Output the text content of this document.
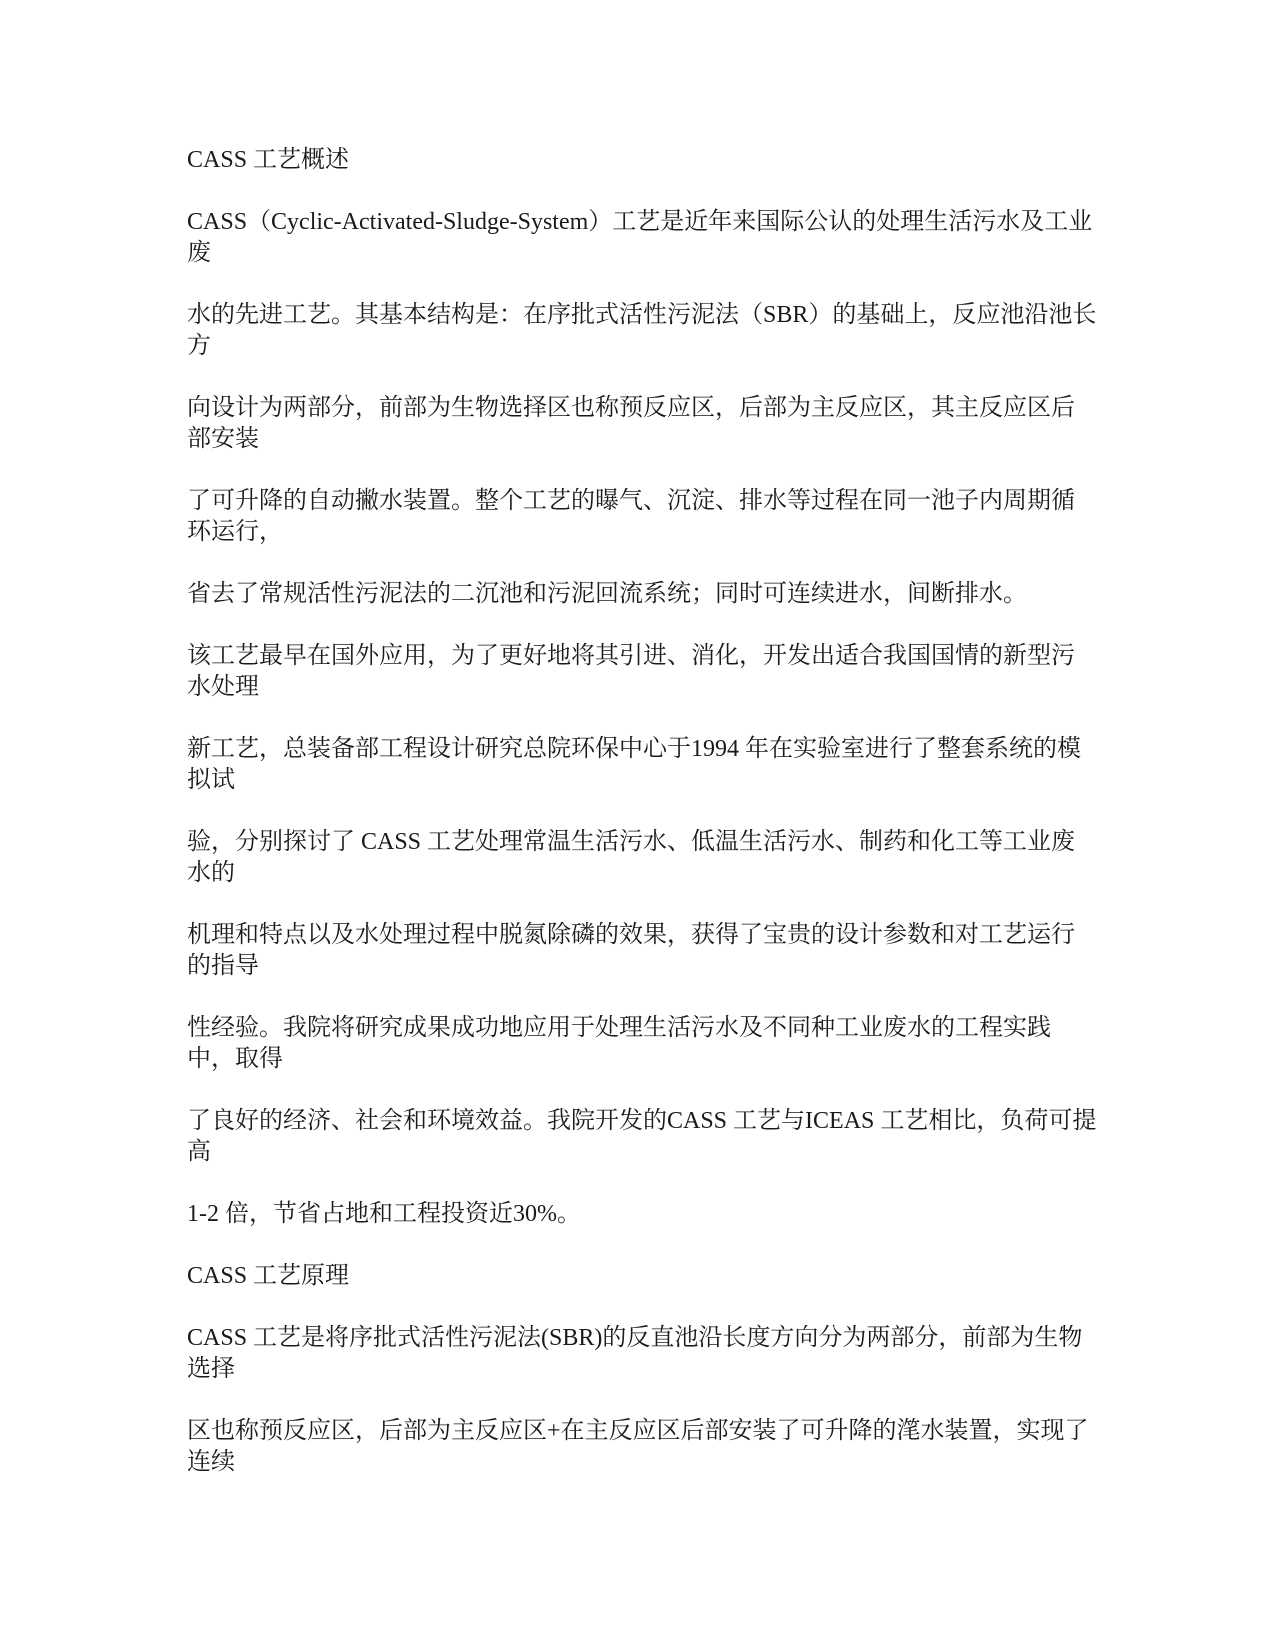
CASS 工艺概述

CASS（Cyclic-Activated-Sludge-System）工艺是近年来国际公认的处理生活污水及工业废

水的先进工艺。其基本结构是：在序批式活性污泥法（SBR）的基础上，反应池沿池长方

向设计为两部分，前部为生物选择区也称预反应区，后部为主反应区，其主反应区后部安装

了可升降的自动撇水装置。整个工艺的曝气、沉淀、排水等过程在同一池子内周期循环运行，

省去了常规活性污泥法的二沉池和污泥回流系统；同时可连续进水，间断排水。

该工艺最早在国外应用，为了更好地将其引进、消化，开发出适合我国国情的新型污水处理

新工艺，总装备部工程设计研究总院环保中心于1994 年在实验室进行了整套系统的模拟试

验，分别探讨了 CASS 工艺处理常温生活污水、低温生活污水、制药和化工等工业废水的

机理和特点以及水处理过程中脱氮除磷的效果，获得了宝贵的设计参数和对工艺运行的指导

性经验。我院将研究成果成功地应用于处理生活污水及不同种工业废水的工程实践中，取得

了良好的经济、社会和环境效益。我院开发的CASS 工艺与ICEAS 工艺相比，负荷可提高

1-2 倍，节省占地和工程投资近30%。

CASS 工艺原理

CASS 工艺是将序批式活性污泥法(SBR)的反直池沿长度方向分为两部分，前部为生物选择

区也称预反应区，后部为主反应区+在主反应区后部安装了可升降的滗水装置，实现了连续
